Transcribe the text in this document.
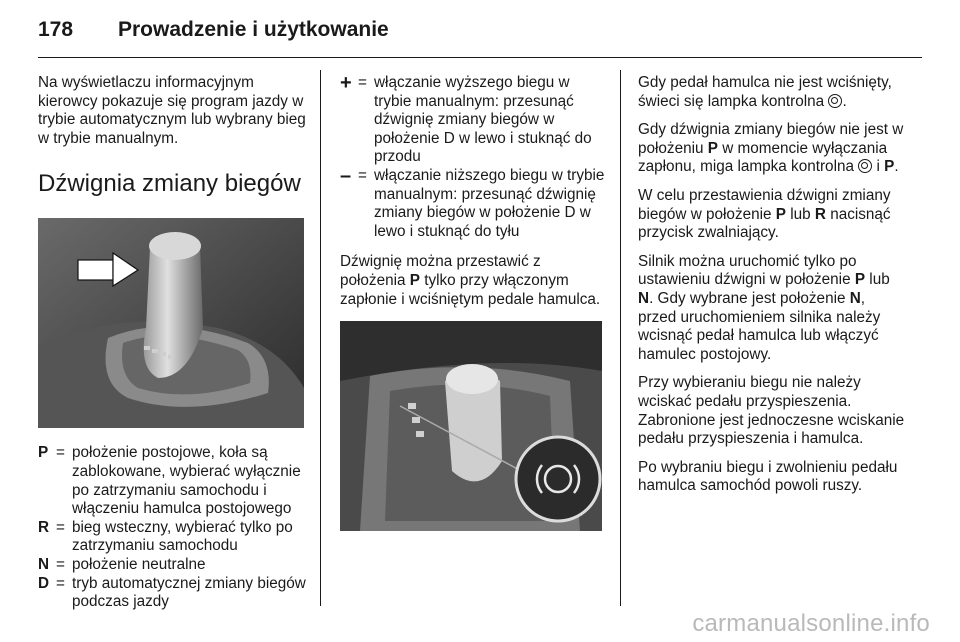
178	Prowadzenie i użytkowanie

Na wyświetlaczu informacyjnym kierowcy pokazuje się program jazdy w trybie automatycznym lub wybrany bieg w trybie manualnym.

Dźwignia zmiany biegów
P = położenie postojowe, koła są zablokowane, wybierać wyłącznie po zatrzymaniu samochodu i włączeniu hamulca postojowego
R = bieg wsteczny, wybierać tylko po zatrzymaniu samochodu
N = położenie neutralne
D = tryb automatycznej zmiany biegów podczas jazdy
+ = włączanie wyższego biegu w trybie manualnym: przesunąć dźwignię zmiany biegów w położenie D w lewo i stuknąć do przodu
– = włączanie niższego biegu w trybie manualnym: przesunąć dźwignię zmiany biegów w położenie D w lewo i stuknąć do tyłu

Dźwignię można przestawić z położenia P tylko przy włączonym zapłonie i wciśniętym pedale hamulca.

Gdy pedał hamulca nie jest wciśnięty, świeci się lampka kontrolna .

Gdy dźwignia zmiany biegów nie jest w położeniu P w momencie wyłączania zapłonu, miga lampka kontrolna  i P.

W celu przestawienia dźwigni zmiany biegów w położenie P lub R nacisnąć przycisk zwalniający.

Silnik można uruchomić tylko po ustawieniu dźwigni w położenie P lub N. Gdy wybrane jest położenie N, przed uruchomieniem silnika należy wcisnąć pedał hamulca lub włączyć hamulec postojowy.

Przy wybieraniu biegu nie należy wciskać pedału przyspieszenia. Zabronione jest jednoczesne wciskanie pedału przyspieszenia i hamulca.

Po wybraniu biegu i zwolnieniu pedału hamulca samochód powoli ruszy.

carmanualsonline.info
